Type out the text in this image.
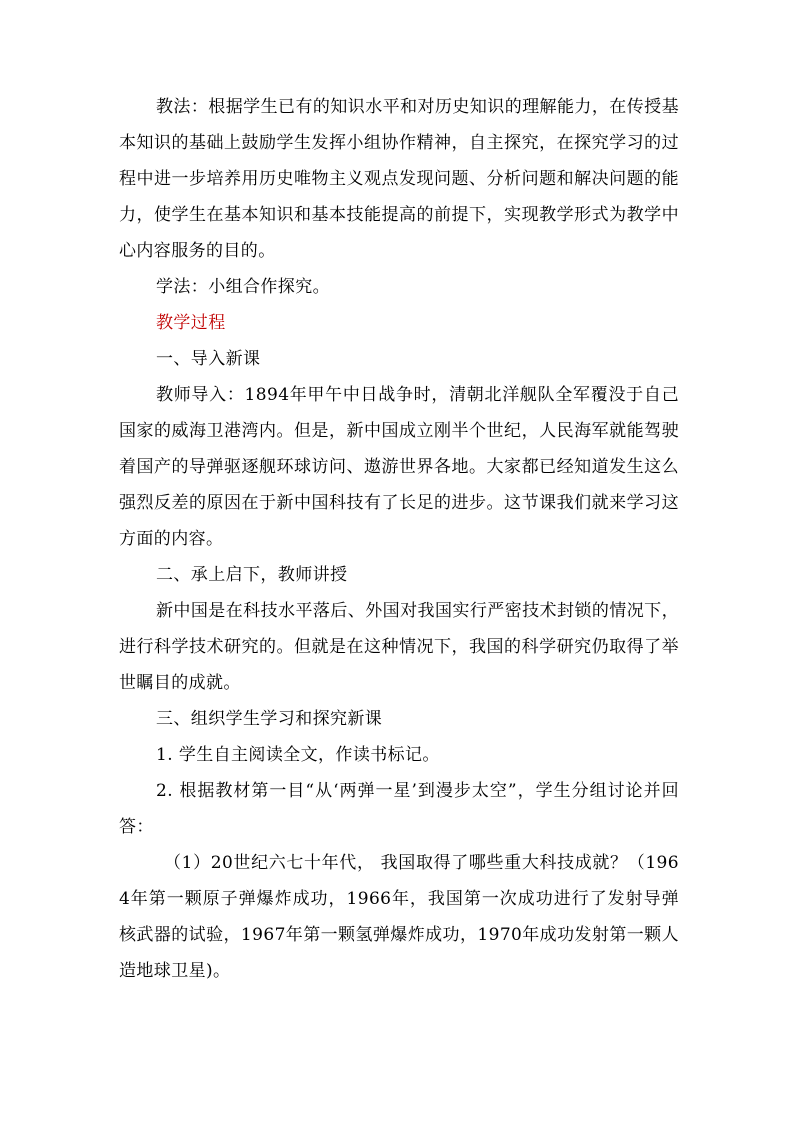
教法：根据学生已有的知识水平和对历史知识的理解能力，在传授基本知识的基础上鼓励学生发挥小组协作精神，自主探究，在探究学习的过程中进一步培养用历史唯物主义观点发现问题、分析问题和解决问题的能力，使学生在基本知识和基本技能提高的前提下，实现教学形式为教学中心内容服务的目的。

学法：小组合作探究。

教学过程

一、导入新课

教师导入：1894年甲午中日战争时，清朝北洋舰队全军覆没于自己国家的威海卫港湾内。但是，新中国成立刚半个世纪，人民海军就能驾驶着国产的导弹驱逐舰环球访问、遨游世界各地。大家都已经知道发生这么强烈反差的原因在于新中国科技有了长足的进步。这节课我们就来学习这方面的内容。

二、承上启下，教师讲授

新中国是在科技水平落后、外国对我国实行严密技术封锁的情况下，进行科学技术研究的。但就是在这种情况下，我国的科学研究仍取得了举世瞩目的成就。

三、组织学生学习和探究新课

1. 学生自主阅读全文，作读书标记。

2. 根据教材第一目“从‘两弹一星’到漫步太空”，学生分组讨论并回答：

（1）20世纪六七十年代， 我国取得了哪些重大科技成就？（1964年第一颗原子弹爆炸成功，1966年，我国第一次成功进行了发射导弹核武器的试验，1967年第一颗氢弹爆炸成功，1970年成功发射第一颗人造地球卫星)。
